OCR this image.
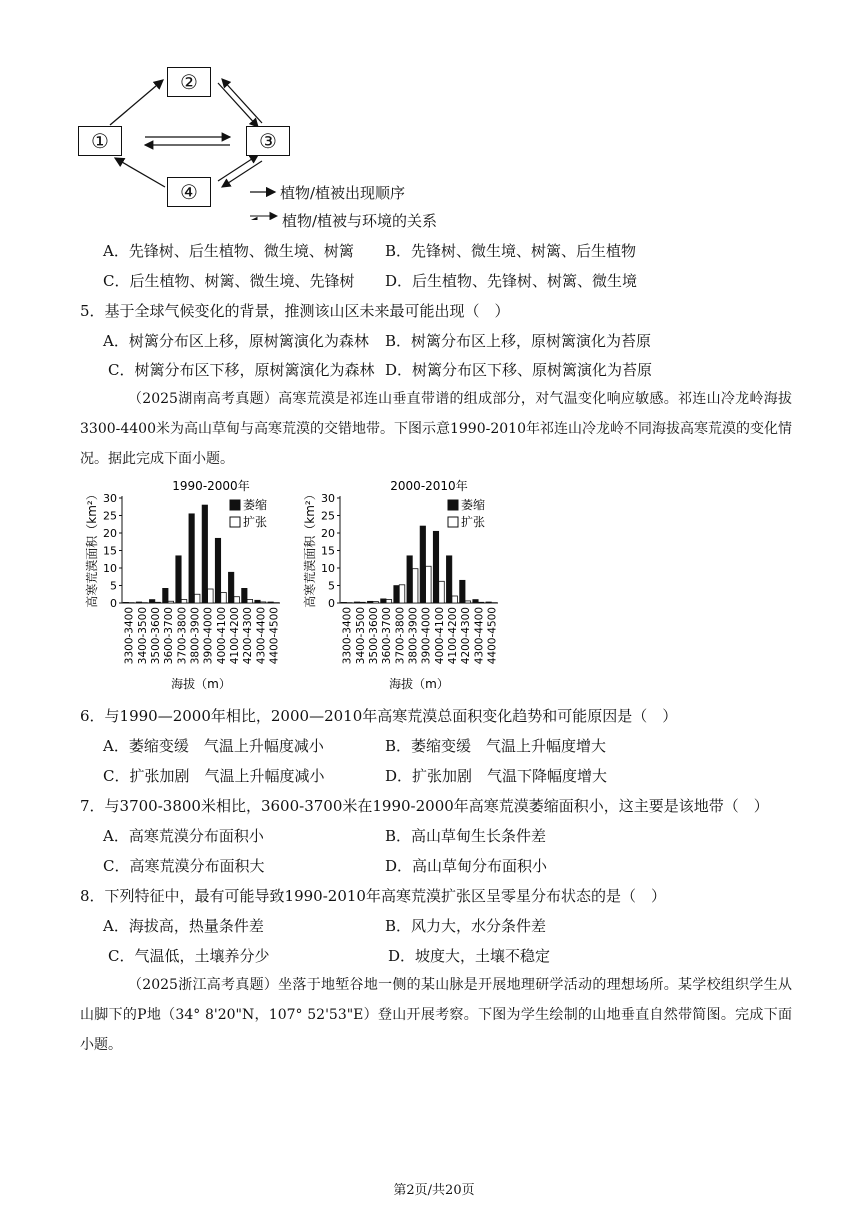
②
①	③
④	植物/植被出现顺序
植物/植被与环境的关系
A．先锋树、后生植物、微生境、树篱 B．先锋树、微生境、树篱、后生植物
C．后生植物、树篱、微生境、先锋树 D．后生植物、先锋树、树篱、微生境
5．基于全球气候变化的背景，推测该山区未来最可能出现（　）
A．树篱分布区上移，原树篱演化为森林 B．树篱分布区上移，原树篱演化为苔原
C．树篱分布区下移，原树篱演化为森林 D．树篱分布区下移、原树篱演化为苔原
（2025湖南高考真题）高寒荒漠是祁连山垂直带谱的组成部分，对气温变化响应敏感。祁连山冷龙岭海拔3300-4400米为高山草甸与高寒荒漠的交错地带。下图示意1990-2010年祁连山冷龙岭不同海拔高寒荒漠的变化情况。据此完成下面小题。
高寒荒漠面积（km²）
1990-2000年
0
5
10
15
20
25
30
3300-3400 3400-3500 3500-3600 3600-3700 3700-3800 3800-3900 3900-4000 4000-4100 4100-4200 4200-4300 4300-4400 4400-4500
海拔（m）
萎缩
扩张	高寒荒漠面积（km²）
2000-2010年
0
5
10
15
20
25
30
3300-3400 3400-3500 3500-3600 3600-3700 3700-3800 3800-3900 3900-4000 4000-4100 4100-4200 4200-4300 4300-4400 4400-4500
海拔（m）
萎缩
扩张
6．与1990—2000年相比，2000—2010年高寒荒漠总面积变化趋势和可能原因是（　）
A．萎缩变缓　气温上升幅度减小	B．萎缩变缓　气温上升幅度增大
C．扩张加剧　气温上升幅度减小	D．扩张加剧　气温下降幅度增大
7．与3700-3800米相比，3600-3700米在1990-2000年高寒荒漠萎缩面积小，这主要是该地带（　）
A．高寒荒漠分布面积小	B．高山草甸生长条件差
C．高寒荒漠分布面积大	D．高山草甸分布面积小
8．下列特征中，最有可能导致1990-2010年高寒荒漠扩张区呈零星分布状态的是（　）
A．海拔高，热量条件差	B．风力大，水分条件差
C．气温低，土壤养分少	D．坡度大，土壤不稳定
（2025浙江高考真题）坐落于地堑谷地一侧的某山脉是开展地理研学活动的理想场所。某学校组织学生从山脚下的P地（34° 8'20"N，107° 52'53"E）登山开展考察。下图为学生绘制的山地垂直自然带简图。完成下面小题。
第2页/共20页
